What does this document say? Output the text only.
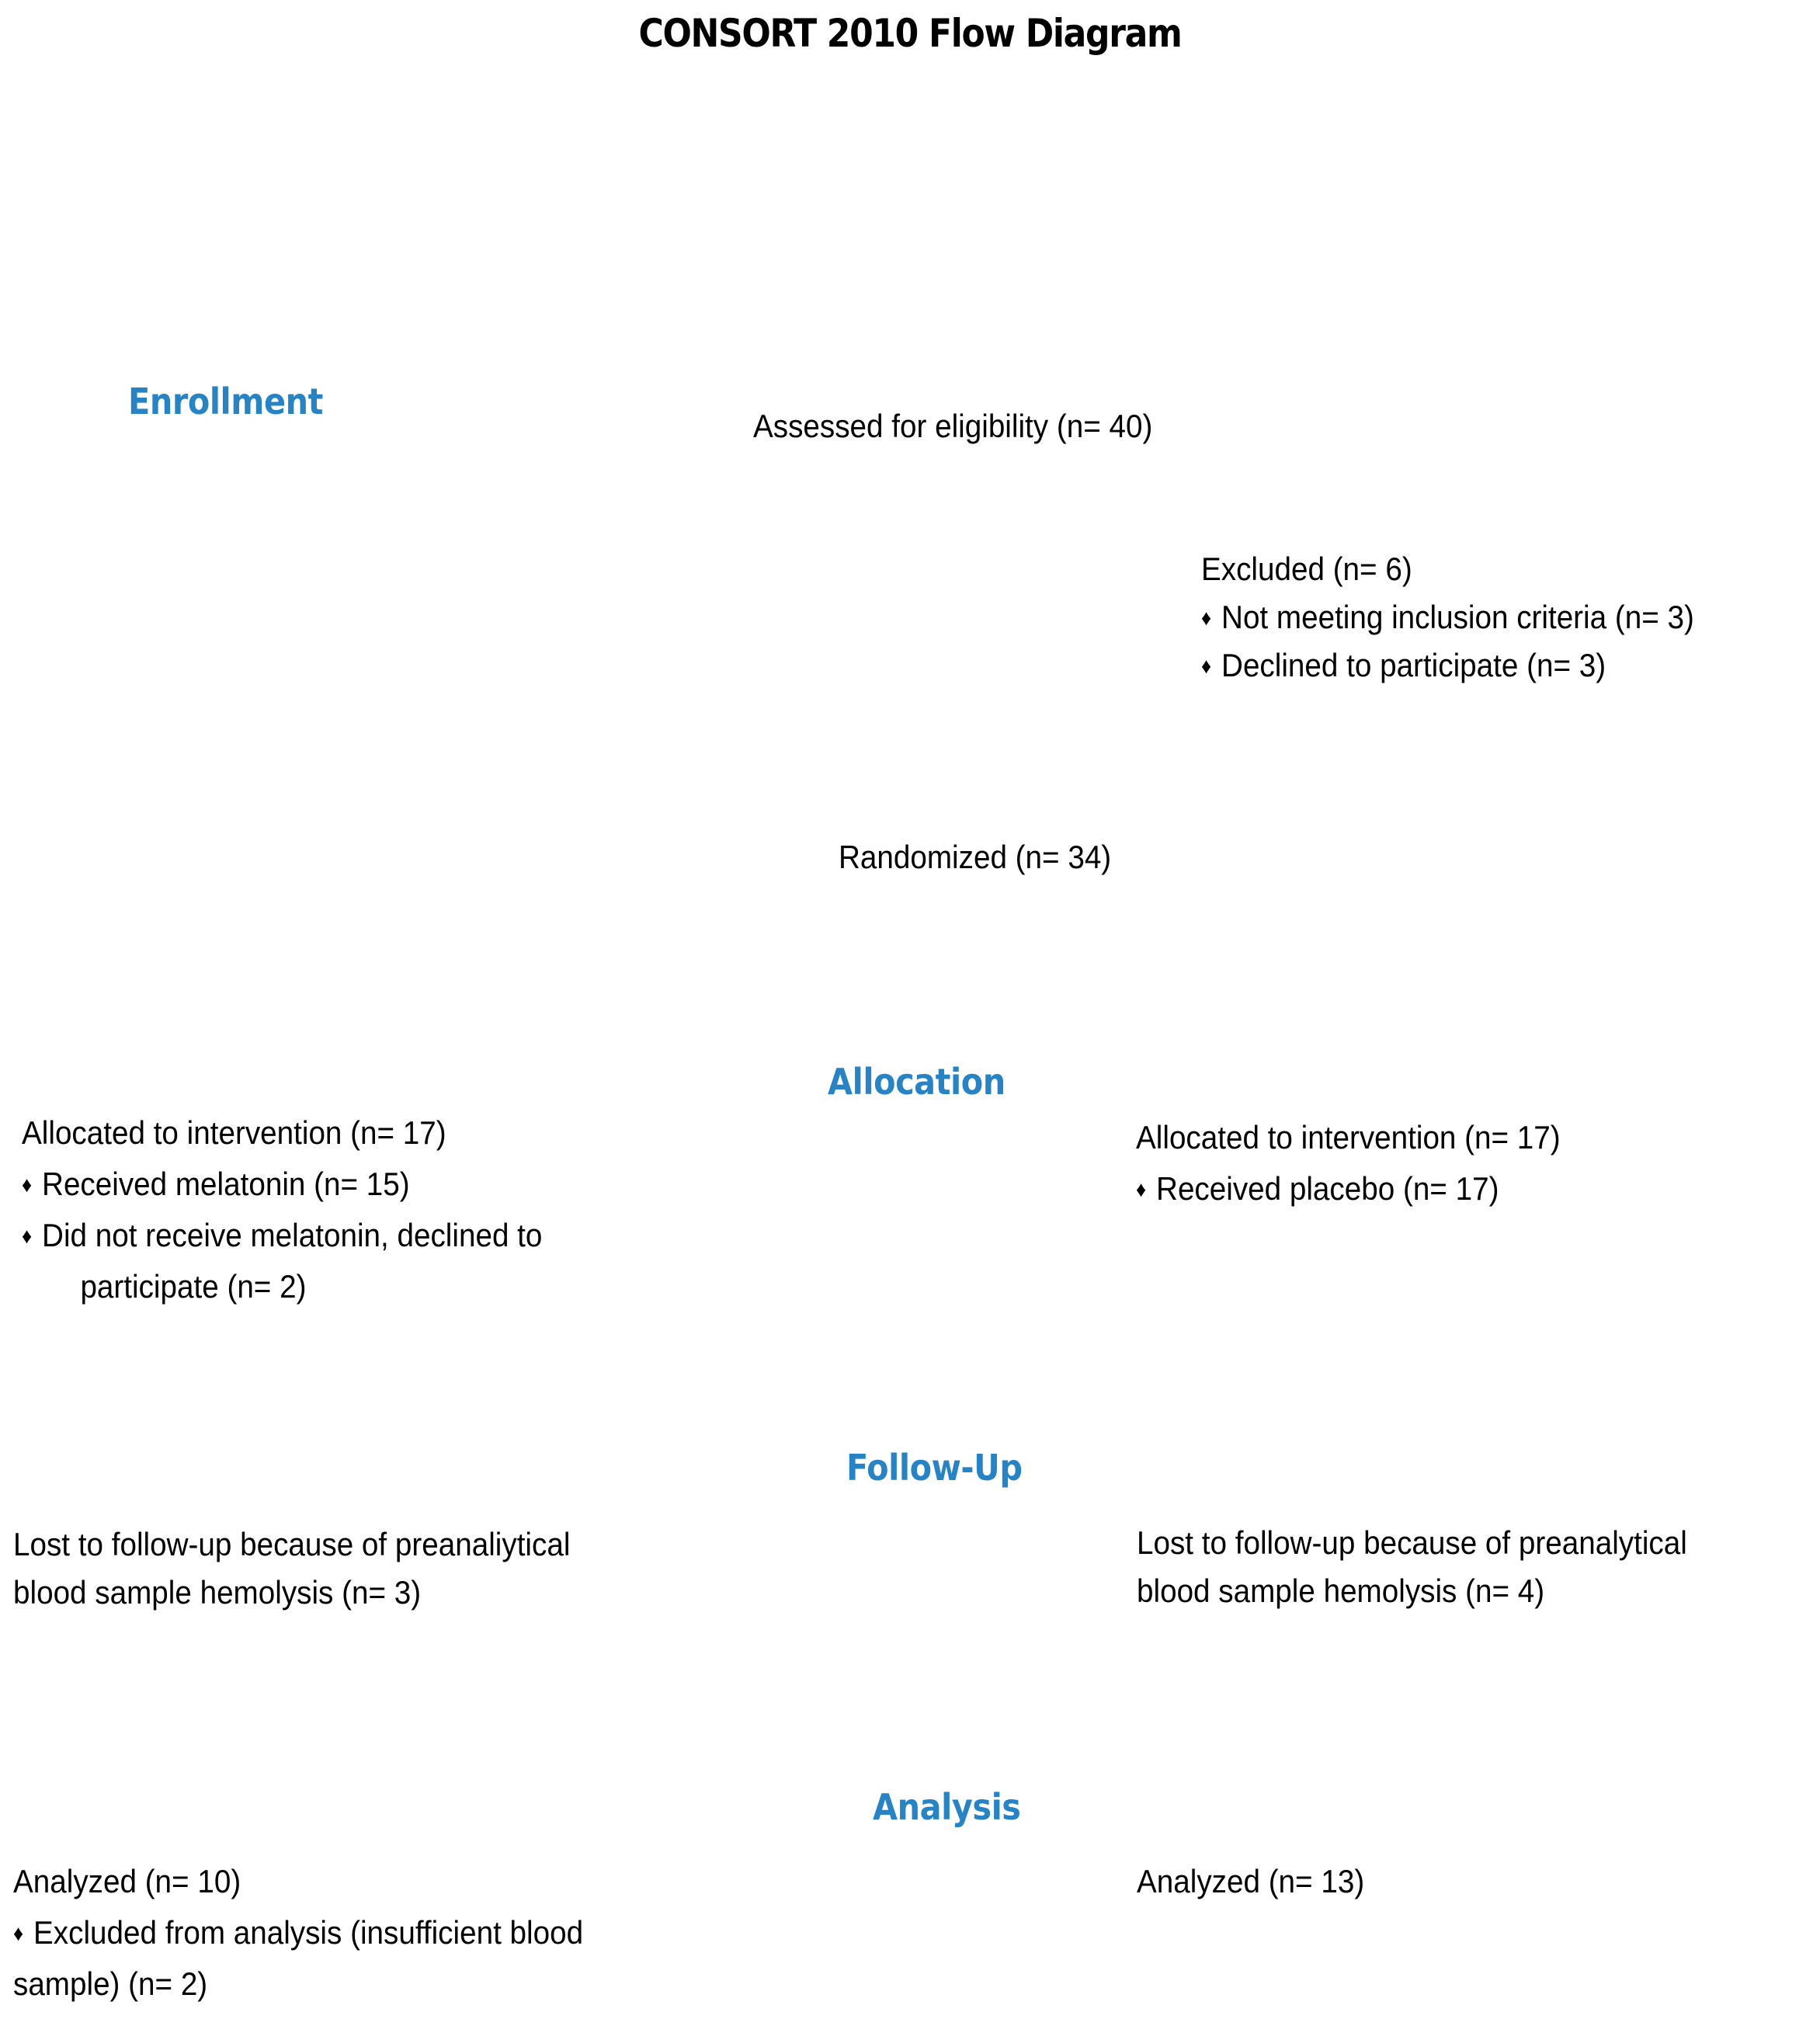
CONSORT 2010 Flow Diagram
Enrollment
Allocation
Follow-Up
Analysis
Assessed for eligibility (n= 40)
Excluded (n= 6)
♦ Not meeting inclusion criteria (n= 3)
♦ Declined to participate (n= 3)
Randomized (n= 34)
Allocated to intervention (n= 17)
♦ Received melatonin (n= 15)
♦ Did not receive melatonin, declined to
participate (n= 2)
Allocated to intervention (n= 17)
♦ Received placebo (n= 17)
Lost to follow-up because of preanaliytical
blood sample hemolysis (n= 3)
Lost to follow-up because of preanalytical
blood sample hemolysis (n= 4)
Analyzed (n= 10)
♦ Excluded from analysis (insufficient blood
sample) (n= 2)
Analyzed (n= 13)
